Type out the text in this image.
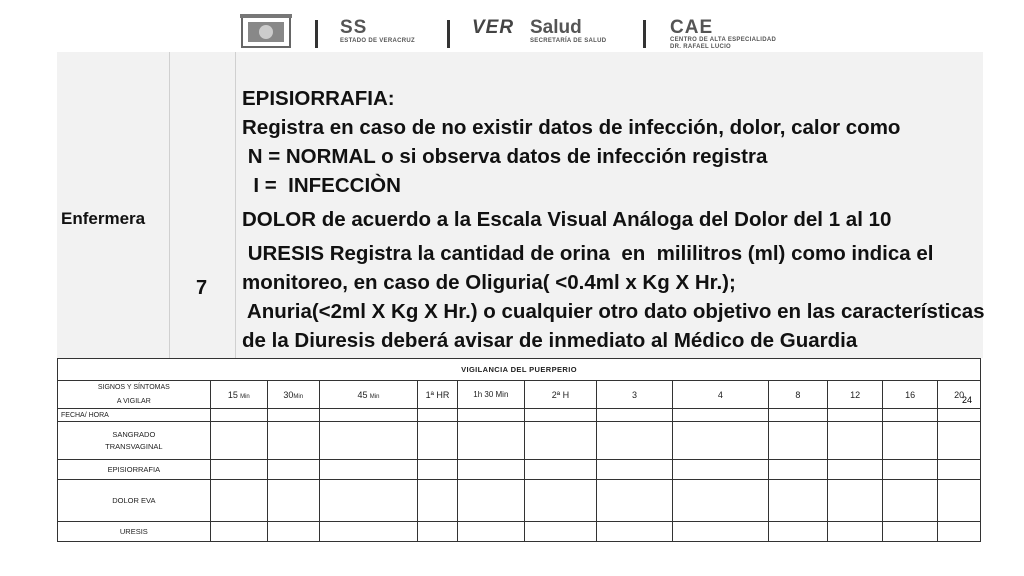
SS
ESTADO DE VERACRUZ
VER Salud
SECRETARÍA DE SALUD
CAE
CENTRO DE ALTA ESPECIALIDAD
DR. RAFAEL LUCIO
Enfermera
7
EPISIORRAFIA:
Registra en caso de no existir datos de infección, dolor, calor como
N = NORMAL o si observa datos de infección registra
I =  INFECCIÒN
DOLOR de acuerdo a la Escala Visual Análoga del Dolor del 1 al 10
URESIS Registra la cantidad de orina  en  mililitros (ml) como indica el
monitoreo, en caso de Oliguria( <0.4ml x Kg X Hr.);
Anuria(<2ml X Kg X Hr.) o cualquier otro dato objetivo en las características
de la Diuresis deberá avisar de inmediato al Médico de Guardia
VIGILANCIA DEL PUERPERIO												
SIGNOS Y SÍNTOMAS	15 Min	30Min	45 Min	1ª HR	1h 30 Min	2ª H	3	4	8	12	16	20
A VIGILAR												
FECHA/ HORA												
SANGRADO
TRANSVAGINAL												
EPISIORRAFIA												
DOLOR EVA												
URESIS												
24
